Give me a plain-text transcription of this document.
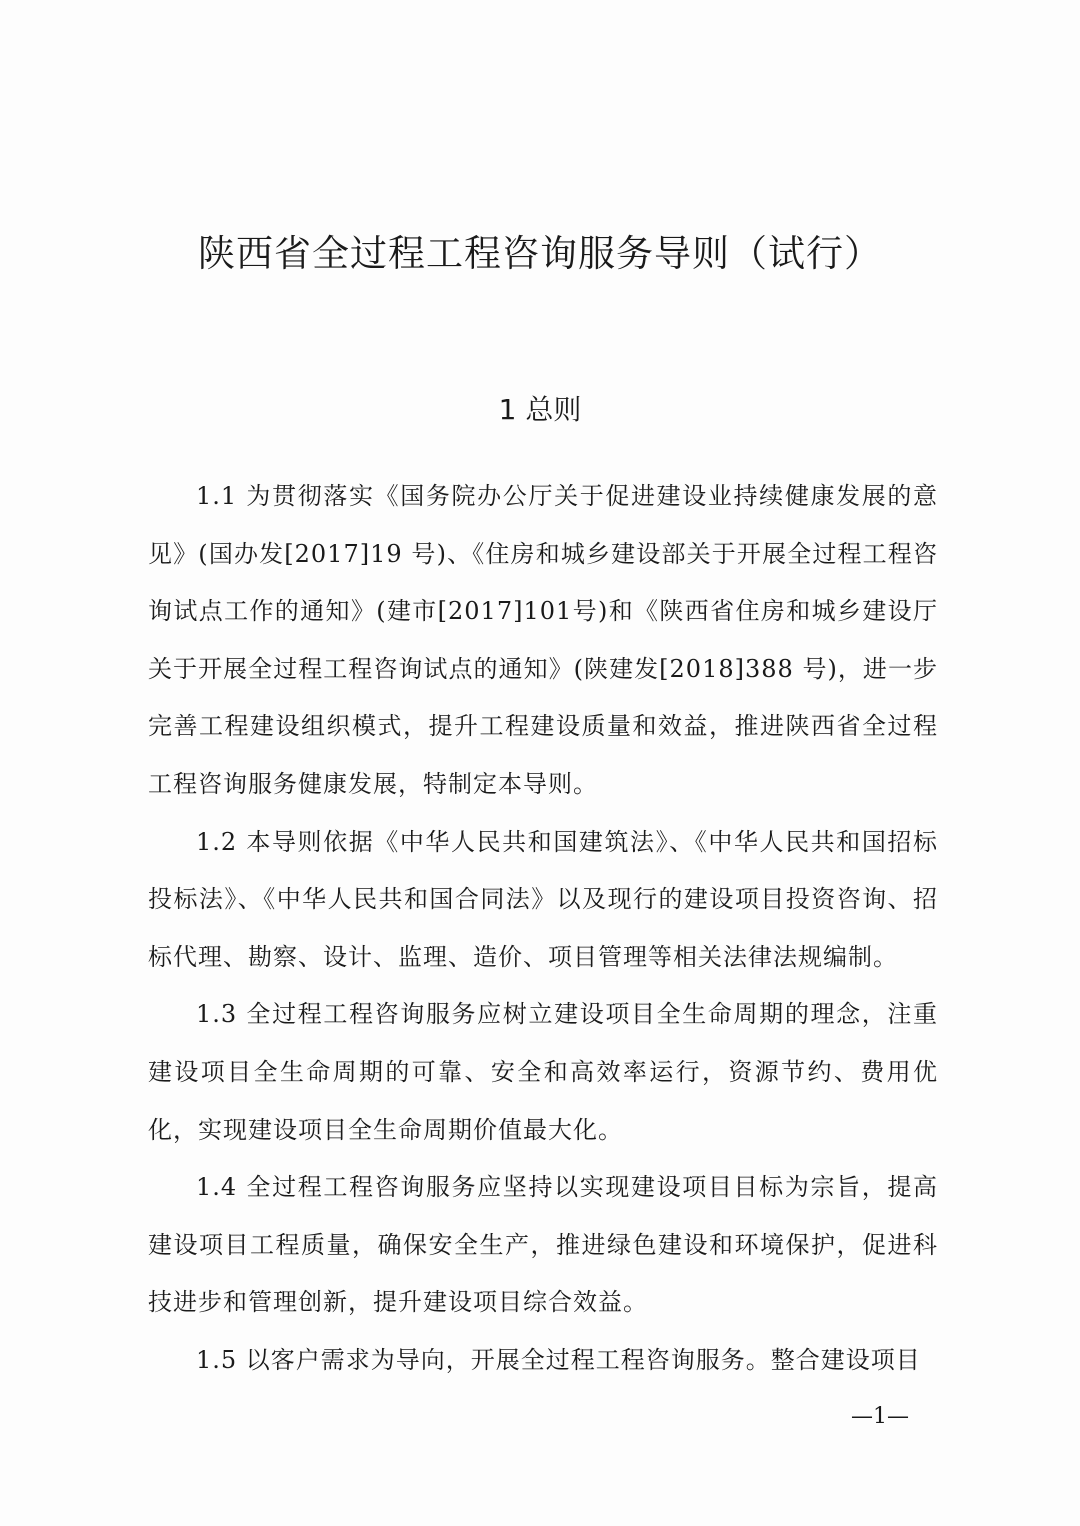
陕西省全过程工程咨询服务导则（试行）
1 总则

1.1 为贯彻落实《国务院办公厅关于促进建设业持续健康发展的意见》(国办发[2017]19 号)、《住房和城乡建设部关于开展全过程工程咨询试点工作的通知》(建市[2017]101号)和《陕西省住房和城乡建设厅关于开展全过程工程咨询试点的通知》(陕建发[2018]388 号)，进一步完善工程建设组织模式，提升工程建设质量和效益，推进陕西省全过程工程咨询服务健康发展，特制定本导则。

1.2 本导则依据《中华人民共和国建筑法》、《中华人民共和国招标投标法》、《中华人民共和国合同法》以及现行的建设项目投资咨询、招标代理、勘察、设计、监理、造价、项目管理等相关法律法规编制。

1.3 全过程工程咨询服务应树立建设项目全生命周期的理念，注重建设项目全生命周期的可靠、安全和高效率运行，资源节约、费用优化，实现建设项目全生命周期价值最大化。

1.4 全过程工程咨询服务应坚持以实现建设项目目标为宗旨，提高建设项目工程质量，确保安全生产，推进绿色建设和环境保护，促进科技进步和管理创新，提升建设项目综合效益。

1.5 以客户需求为导向，开展全过程工程咨询服务。整合建设项目

—1—
